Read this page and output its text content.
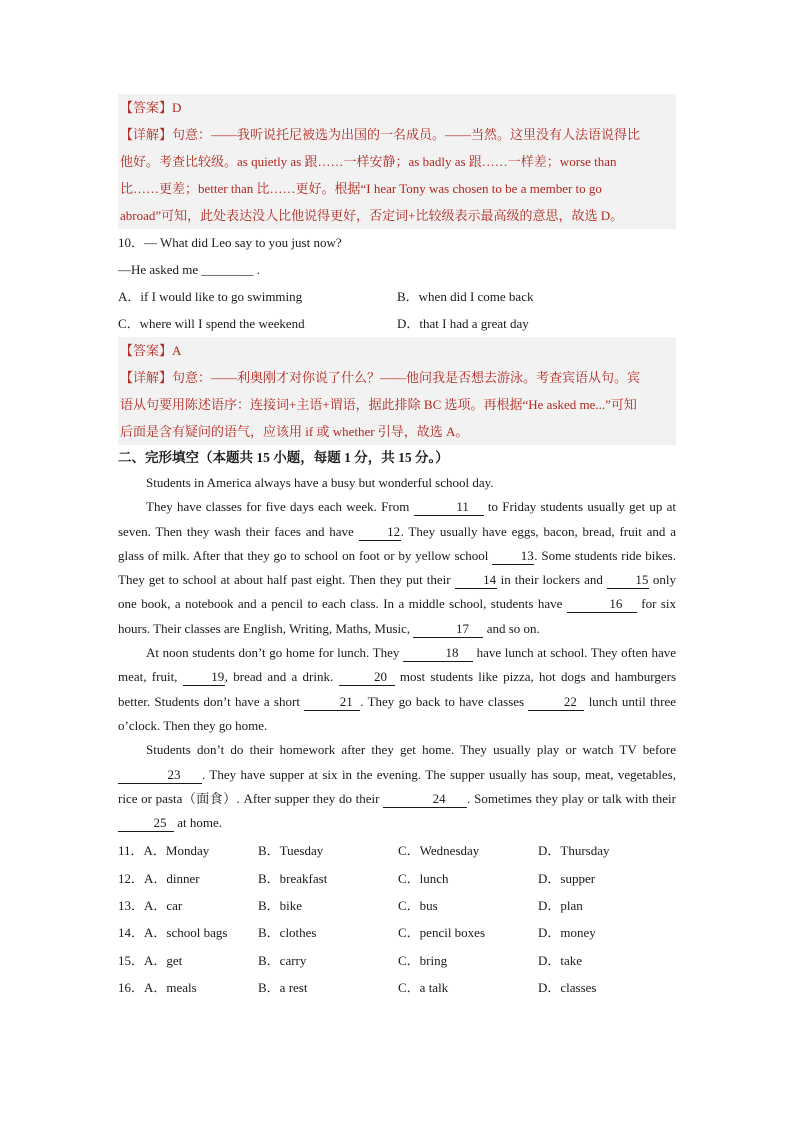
【答案】D
【详解】句意：——我听说托尼被选为出国的一名成员。——当然。这里没有人法语说得比
他好。考查比较级。as quietly as 跟……一样安静；as badly as 跟……一样差；worse than
比……更差；better than 比……更好。根据“I hear Tony was chosen to be a member to go
abroad”可知，此处表达没人比他说得更好，否定词+比较级表示最高级的意思，故选 D。
10．— What did Leo say to you just now?
—He asked me ________ .
A．if I would like to go swimming	B．when did I come back
C．where will I spend the weekend	D．that I had a great day
【答案】A
【详解】句意：——利奥刚才对你说了什么？——他问我是否想去游泳。考查宾语从句。宾
语从句要用陈述语序：连接词+主语+谓语，据此排除 BC 选项。再根据“He asked me...”可知
后面是含有疑问的语气，应该用 if 或 whether 引导，故选 A。
二、完形填空（本题共 15 小题，每题 1 分，共 15 分。）
Students in America always have a busy but wonderful school day.
They have classes for five days each week. From	11 to Friday students usually get up at seven. Then they wash their faces and have 12. They usually have eggs, bacon, bread, fruit and a glass of milk. After that they go to school on foot or by yellow school 13. Some students ride bikes. They get to school at about half past eight. Then they put their 14 in their lockers and 15 only one book, a notebook and a pencil to each class. In a middle school, students have	16 for six hours. Their classes are English, Writing, Maths, Music,	17 and so on.
At noon students don’t go home for lunch. They	18 have lunch at school. They often have meat, fruit, 19, bread and a drink.	20 most students like pizza, hot dogs and hamburgers better. Students don’t have a short	21 . They go back to have classes	22 lunch until three o’clock. Then they go home.
Students don’t do their homework after they get home. They usually play or watch TV before 23 . They have supper at six in the evening. The supper usually has soup, meat, vegetables, rice or pasta（面食）. After supper they do their	24 . Sometimes they play or talk with their 25 at home.
11．A．Monday	B．Tuesday	C．Wednesday	D．Thursday
12．A．dinner	B．breakfast	C．lunch	D．supper
13．A．car	B．bike	C．bus	D．plan
14．A．school bags	B．clothes	C．pencil boxes	D．money
15．A．get	B．carry	C．bring	D．take
16．A．meals	B．a rest	C．a talk	D．classes
